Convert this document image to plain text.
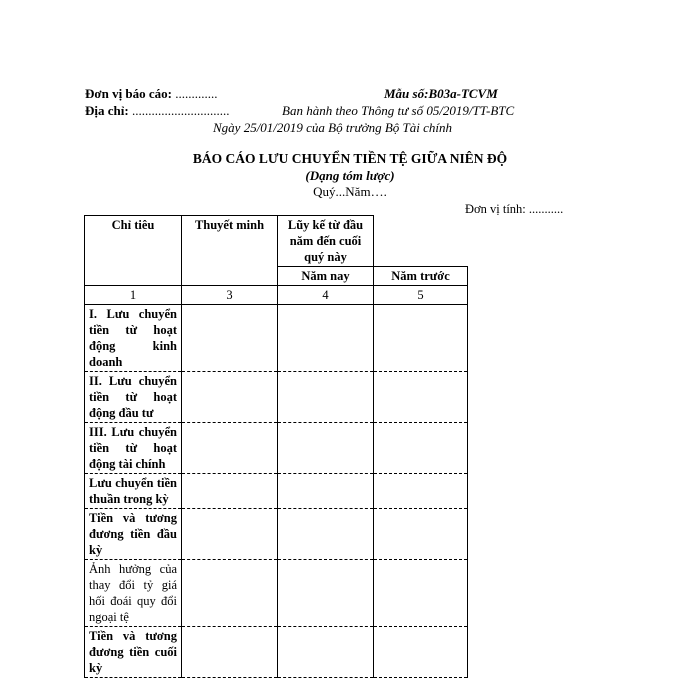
Đơn vị báo cáo: .............	Mẫu số:B03a-TCVM
Địa chỉ: ..............................	Ban hành theo Thông tư số 05/2019/TT-BTC
Ngày 25/01/2019 của Bộ trưởng Bộ Tài chính
BÁO CÁO LƯU CHUYỂN TIỀN TỆ GIỮA NIÊN ĐỘ
(Dạng tóm lược)
Quý...Năm….
Đơn vị tính: ...........
Chỉ tiêu	Thuyết minh	Lũy kế từ đầu năm đến cuối quý này	
		Năm nay	Năm trước
1	3	4	5
I. Lưu chuyển tiền từ hoạt động kinh doanh			
II. Lưu chuyển tiền từ hoạt động đầu tư			
III. Lưu chuyển tiền từ hoạt động tài chính			
Lưu chuyển tiền thuần trong kỳ			
Tiền và tương đương tiền đầu kỳ			
Ảnh hưởng của thay đổi tỷ giá hối đoái quy đổi ngoại tệ			
Tiền và tương đương tiền cuối kỳ			
